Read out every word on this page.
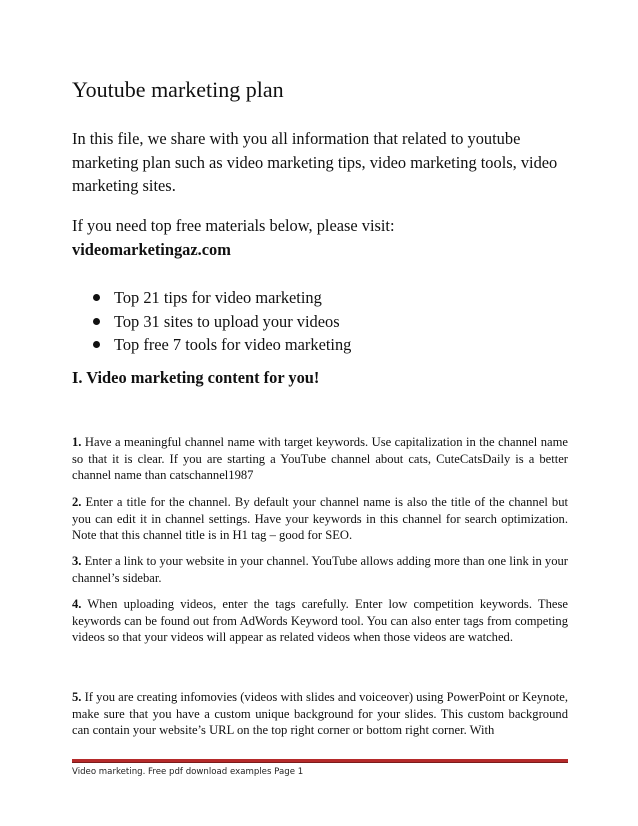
Youtube marketing plan

In this file, we share with you all information that related to youtube marketing plan such as video marketing tips, video marketing tools, video marketing sites.

If you need top free materials below, please visit:
videomarketingaz.com

Top 21 tips for video marketing
Top 31 sites to upload your videos
Top free 7 tools for video marketing
I. Video marketing content for you!

1. Have a meaningful channel name with target keywords. Use capitalization in the channel name so that it is clear. If you are starting a YouTube channel about cats, CuteCatsDaily is a better channel name than catschannel1987

2. Enter a title for the channel. By default your channel name is also the title of the channel but you can edit it in channel settings. Have your keywords in this channel for search optimization. Note that this channel title is in H1 tag – good for SEO.

3. Enter a link to your website in your channel. YouTube allows adding more than one link in your channel’s sidebar.

4. When uploading videos, enter the tags carefully. Enter low competition keywords. These keywords can be found out from AdWords Keyword tool. You can also enter tags from competing videos so that your videos will appear as related videos when those videos are watched.

5. If you are creating infomovies (videos with slides and voiceover) using PowerPoint or Keynote, make sure that you have a custom unique background for your slides. This custom background can contain your website’s URL on the top right corner or bottom right corner. With

Video marketing. Free pdf download examples Page 1
